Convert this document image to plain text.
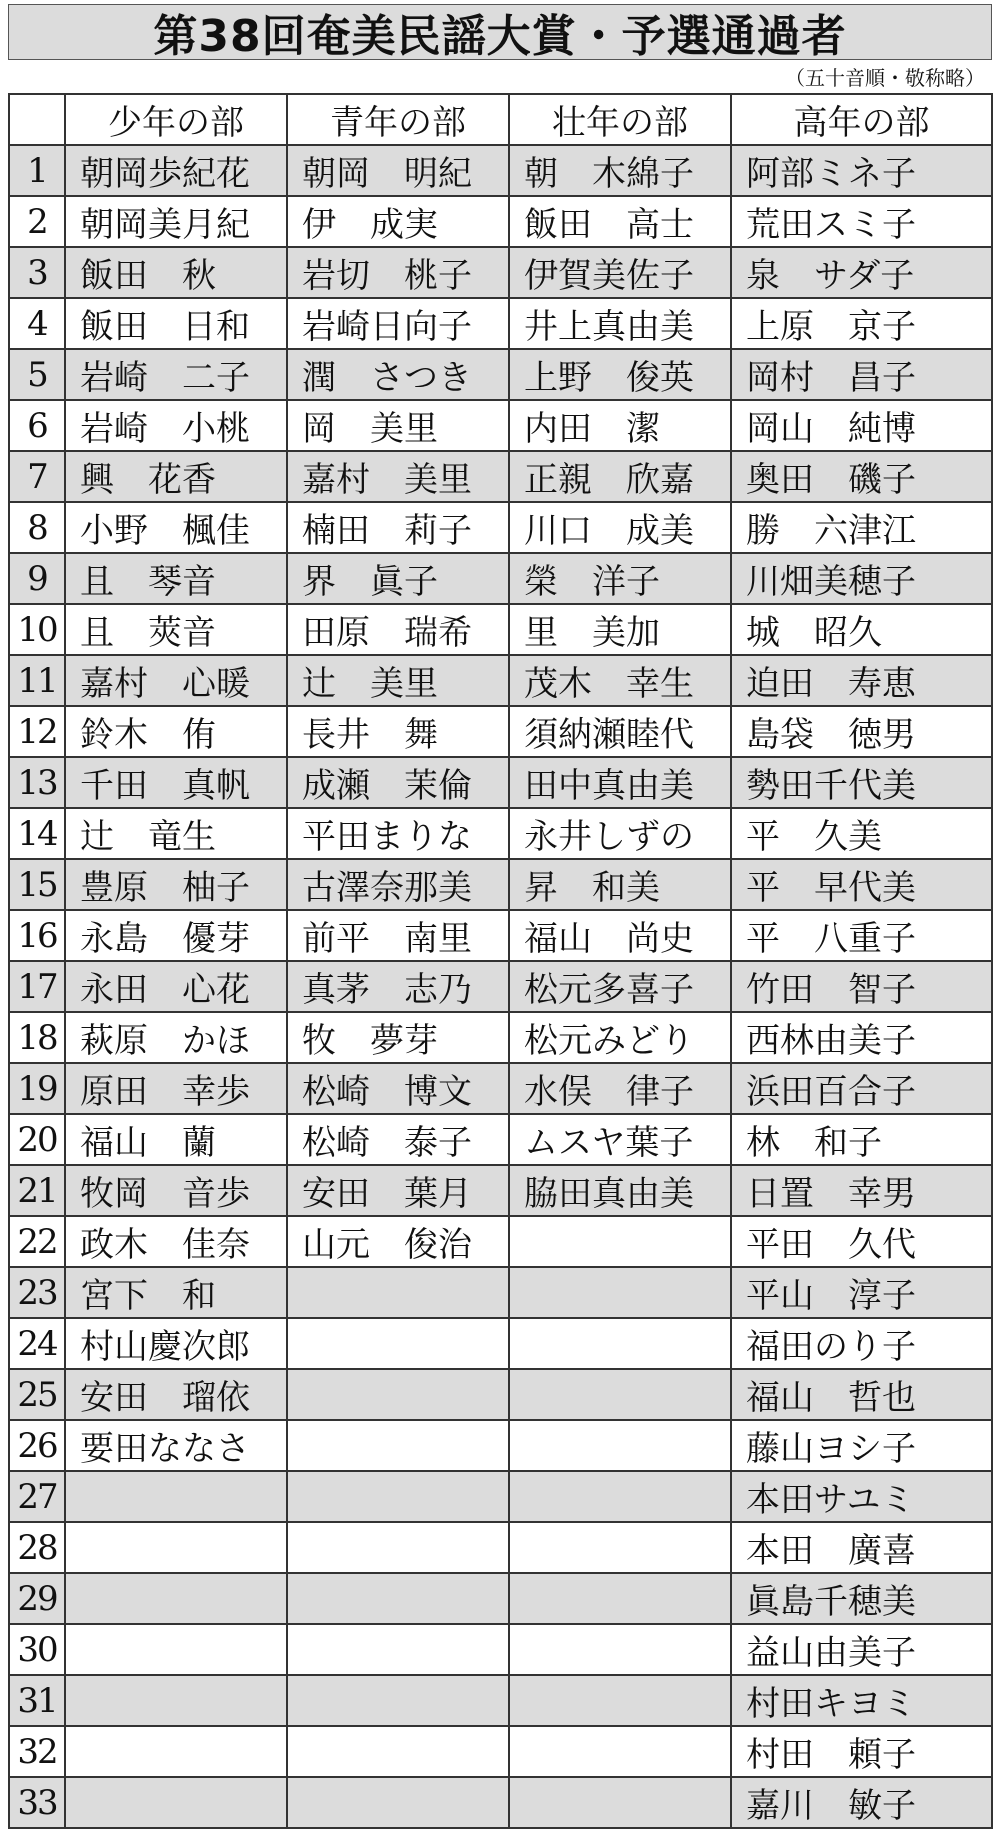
第38回奄美民謡大賞・予選通過者
（五十音順・敬称略）
	少年の部	青年の部	壮年の部	高年の部
1	朝岡歩紀花	朝岡　明紀	朝　木綿子	阿部ミネ子
2	朝岡美月紀	伊　成実	飯田　高士	荒田スミ子
3	飯田　秋	岩切　桃子	伊賀美佐子	泉　サダ子
4	飯田　日和	岩崎日向子	井上真由美	上原　京子
5	岩崎　二子	潤　さつき	上野　俊英	岡村　昌子
6	岩崎　小桃	岡　美里	内田　潔	岡山　純博
7	興　花香	嘉村　美里	正親　欣嘉	奥田　磯子
8	小野　楓佳	楠田　莉子	川口　成美	勝　六津江
9	且　琴音	界　眞子	榮　洋子	川畑美穂子
10	且　莢音	田原　瑞希	里　美加	城　昭久
11	嘉村　心暖	辻　美里	茂木　幸生	迫田　寿恵
12	鈴木　侑	長井　舞	須納瀬睦代	島袋　徳男
13	千田　真帆	成瀬　茉倫	田中真由美	勢田千代美
14	辻　竜生	平田まりな	永井しずの	平　久美
15	豊原　柚子	古澤奈那美	昇　和美	平　早代美
16	永島　優芽	前平　南里	福山　尚史	平　八重子
17	永田　心花	真茅　志乃	松元多喜子	竹田　智子
18	萩原　かほ	牧　夢芽	松元みどり	西林由美子
19	原田　幸歩	松崎　博文	水俣　律子	浜田百合子
20	福山　蘭	松崎　泰子	ムスヤ葉子	林　和子
21	牧岡　音歩	安田　葉月	脇田真由美	日置　幸男
22	政木　佳奈	山元　俊治		平田　久代
23	宮下　和			平山　淳子
24	村山慶次郎			福田のり子
25	安田　瑠依			福山　哲也
26	要田ななさ			藤山ヨシ子
27				本田サユミ
28				本田　廣喜
29				眞島千穂美
30				益山由美子
31				村田キヨミ
32				村田　頼子
33				嘉川　敏子
